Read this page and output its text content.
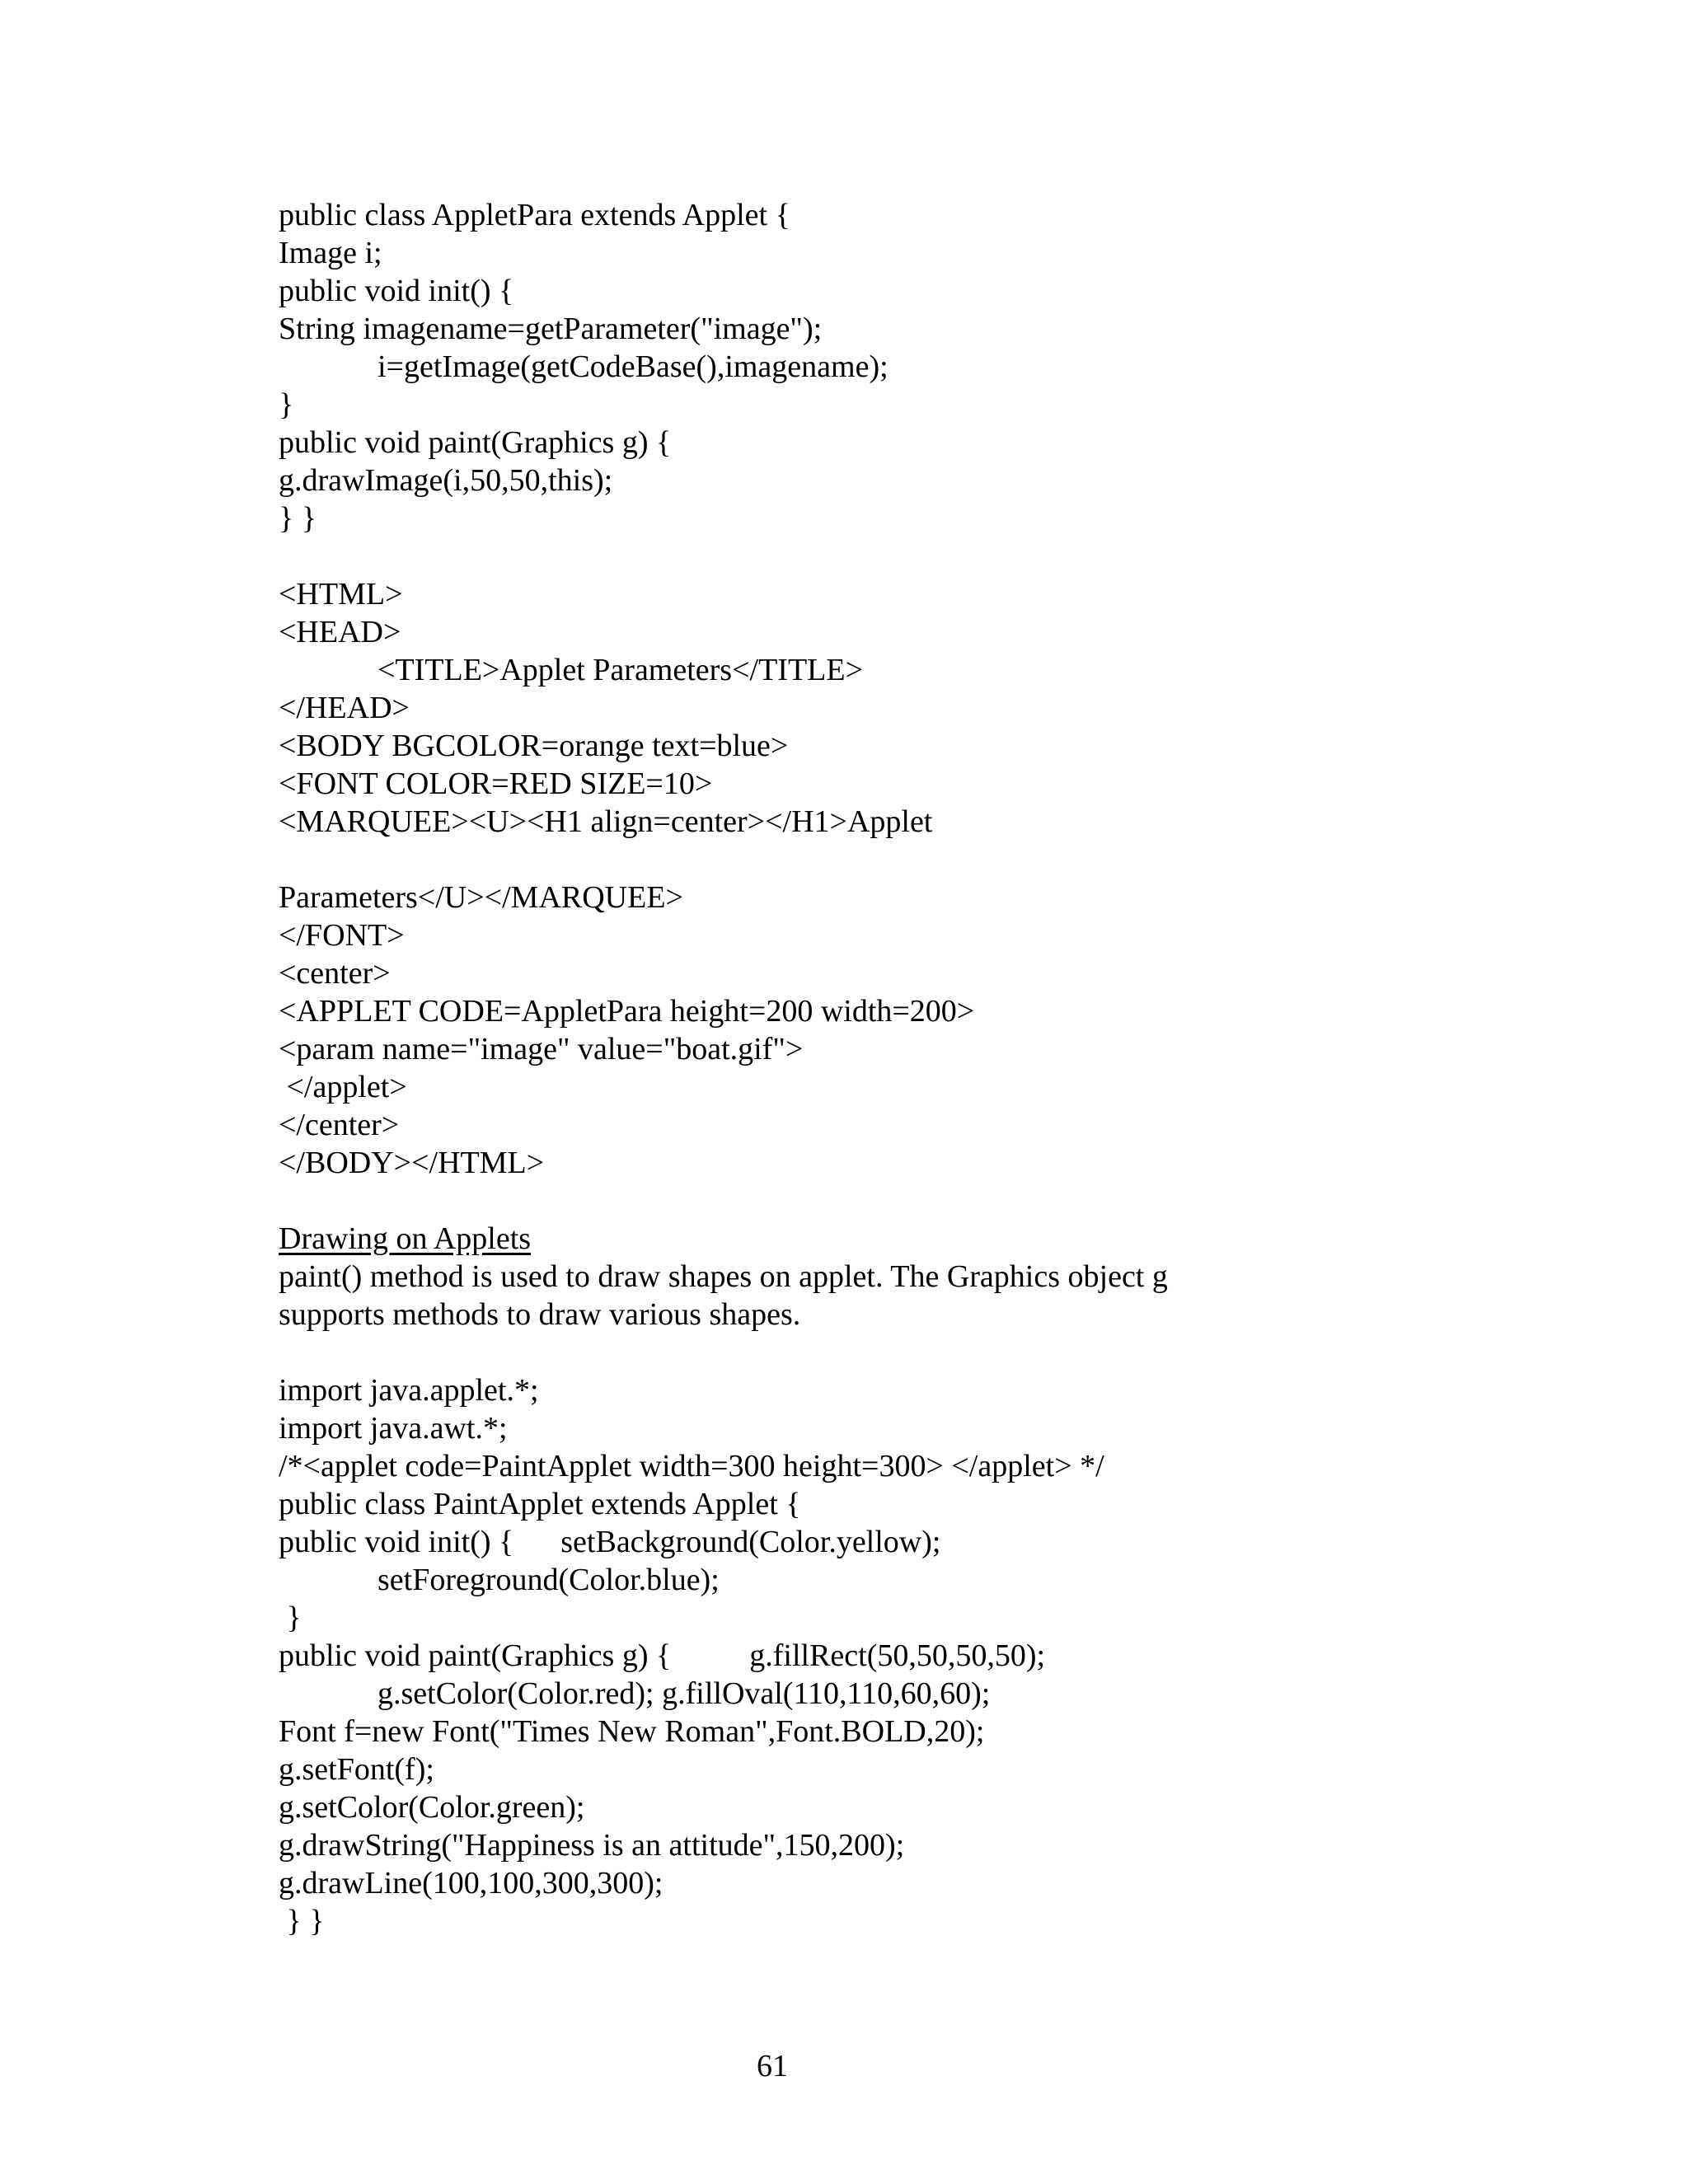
public class AppletPara extends Applet {
Image i;
public void init() {
String imagename=getParameter("image");
i=getImage(getCodeBase(),imagename);
}
public void paint(Graphics g) {
g.drawImage(i,50,50,this);
} }
<HTML>
<HEAD>
<TITLE>Applet Parameters</TITLE>
</HEAD>
<BODY BGCOLOR=orange text=blue>
<FONT COLOR=RED SIZE=10>
<MARQUEE><U><H1 align=center></H1>Applet
Parameters</U></MARQUEE>
</FONT>
<center>
<APPLET CODE=AppletPara height=200 width=200>
<param name="image" value="boat.gif">
</applet>
</center>
</BODY></HTML>
Drawing on Applets
paint() method is used to draw shapes on applet. The Graphics object g
supports methods to draw various shapes.
import java.applet.*;
import java.awt.*;
/*<applet code=PaintApplet width=300 height=300> </applet> */
public class PaintApplet extends Applet {
public void init() {      setBackground(Color.yellow);
setForeground(Color.blue);
}
public void paint(Graphics g) {          g.fillRect(50,50,50,50);
g.setColor(Color.red); g.fillOval(110,110,60,60);
Font f=new Font("Times New Roman",Font.BOLD,20);
g.setFont(f);
g.setColor(Color.green);
g.drawString("Happiness is an attitude",150,200);
g.drawLine(100,100,300,300);
} }
61
